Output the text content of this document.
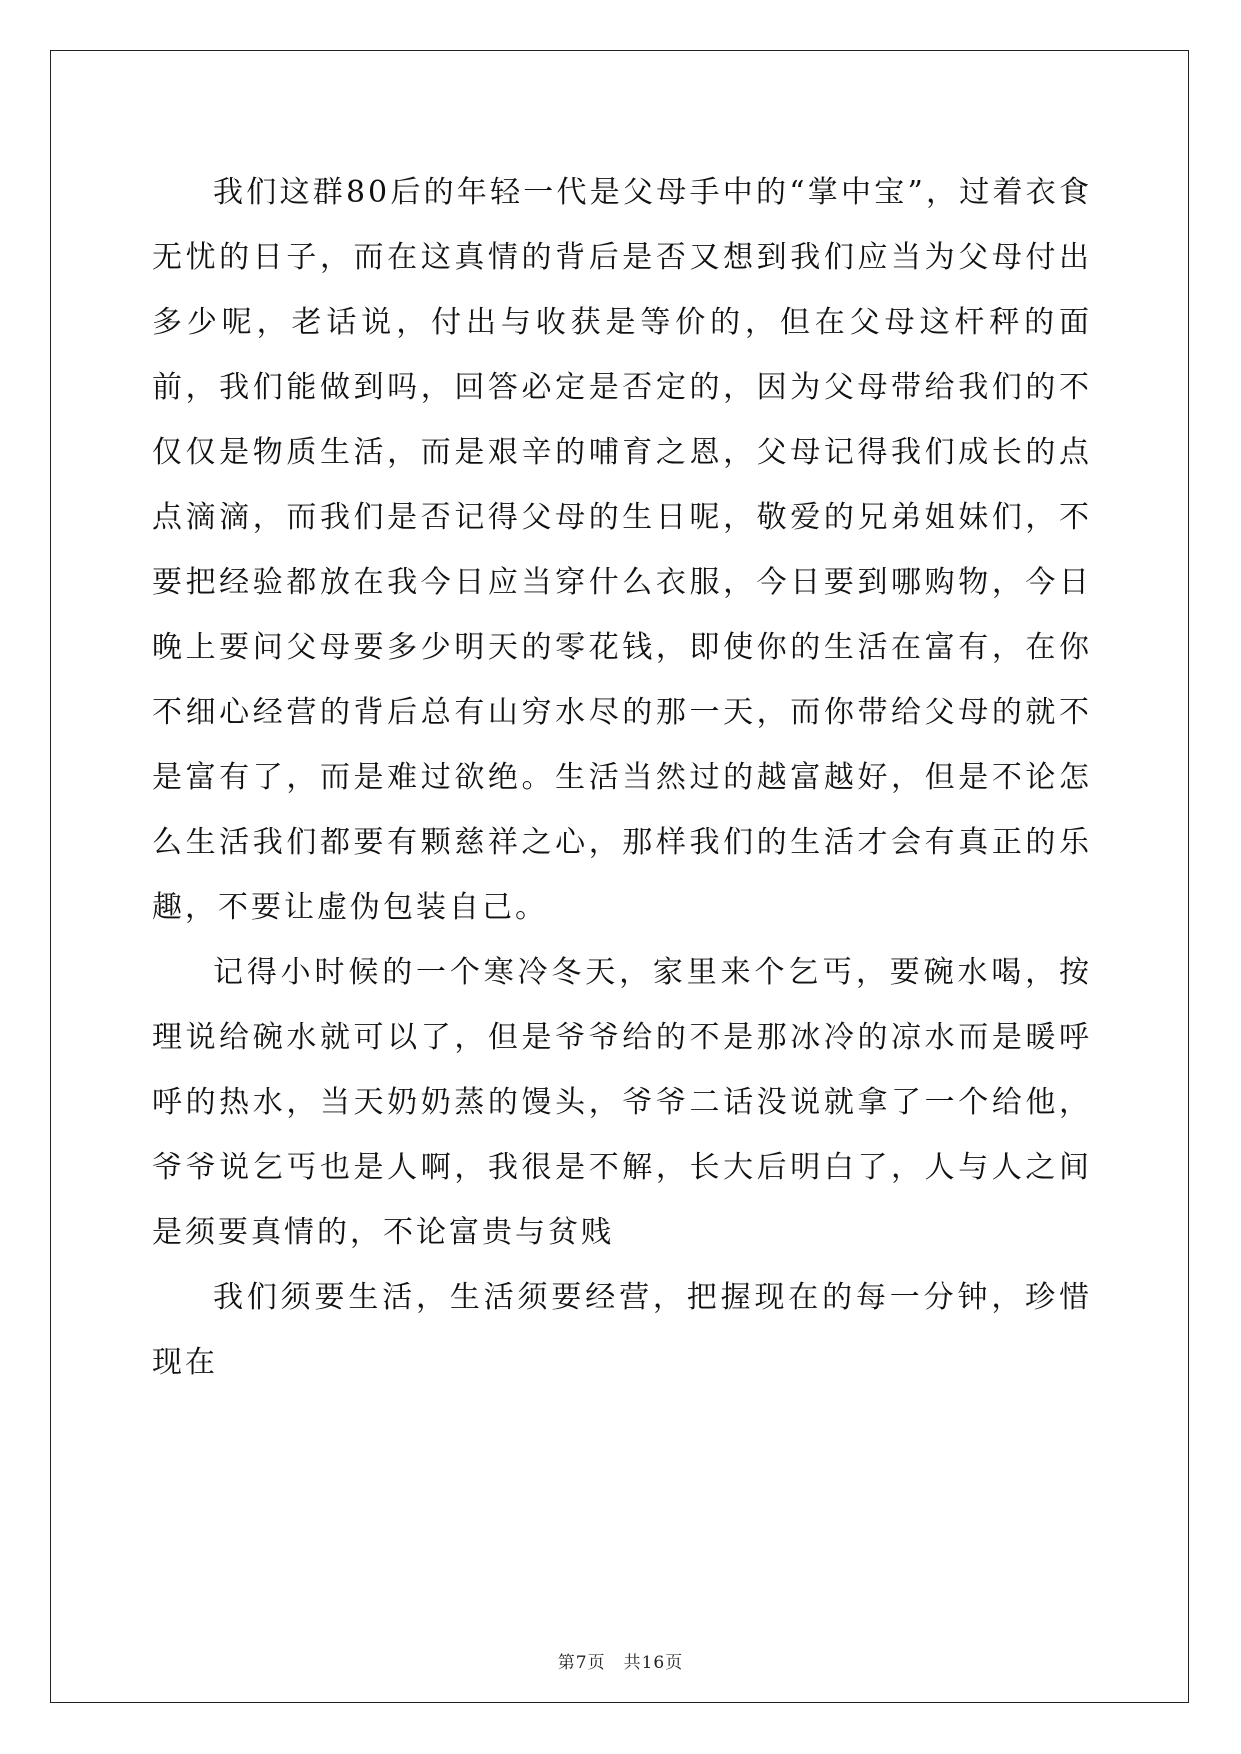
我们这群80后的年轻一代是父母手中的“掌中宝”，过着衣食无忧的日子，而在这真情的背后是否又想到我们应当为父母付出多少呢，老话说，付出与收获是等价的，但在父母这杆秤的面前，我们能做到吗，回答必定是否定的，因为父母带给我们的不仅仅是物质生活，而是艰辛的哺育之恩，父母记得我们成长的点点滴滴，而我们是否记得父母的生日呢，敬爱的兄弟姐妹们，不要把经验都放在我今日应当穿什么衣服，今日要到哪购物，今日晚上要问父母要多少明天的零花钱，即使你的生活在富有，在你不细心经营的背后总有山穷水尽的那一天，而你带给父母的就不是富有了，而是难过欲绝。生活当然过的越富越好，但是不论怎么生活我们都要有颗慈祥之心，那样我们的生活才会有真正的乐趣，不要让虚伪包装自己。

记得小时候的一个寒冷冬天，家里来个乞丐，要碗水喝，按理说给碗水就可以了，但是爷爷给的不是那冰冷的凉水而是暖呼呼的热水，当天奶奶蒸的馒头，爷爷二话没说就拿了一个给他，爷爷说乞丐也是人啊，我很是不解，长大后明白了，人与人之间是须要真情的，不论富贵与贫贱

我们须要生活，生活须要经营，把握现在的每一分钟，珍惜现在

第7页 共16页
